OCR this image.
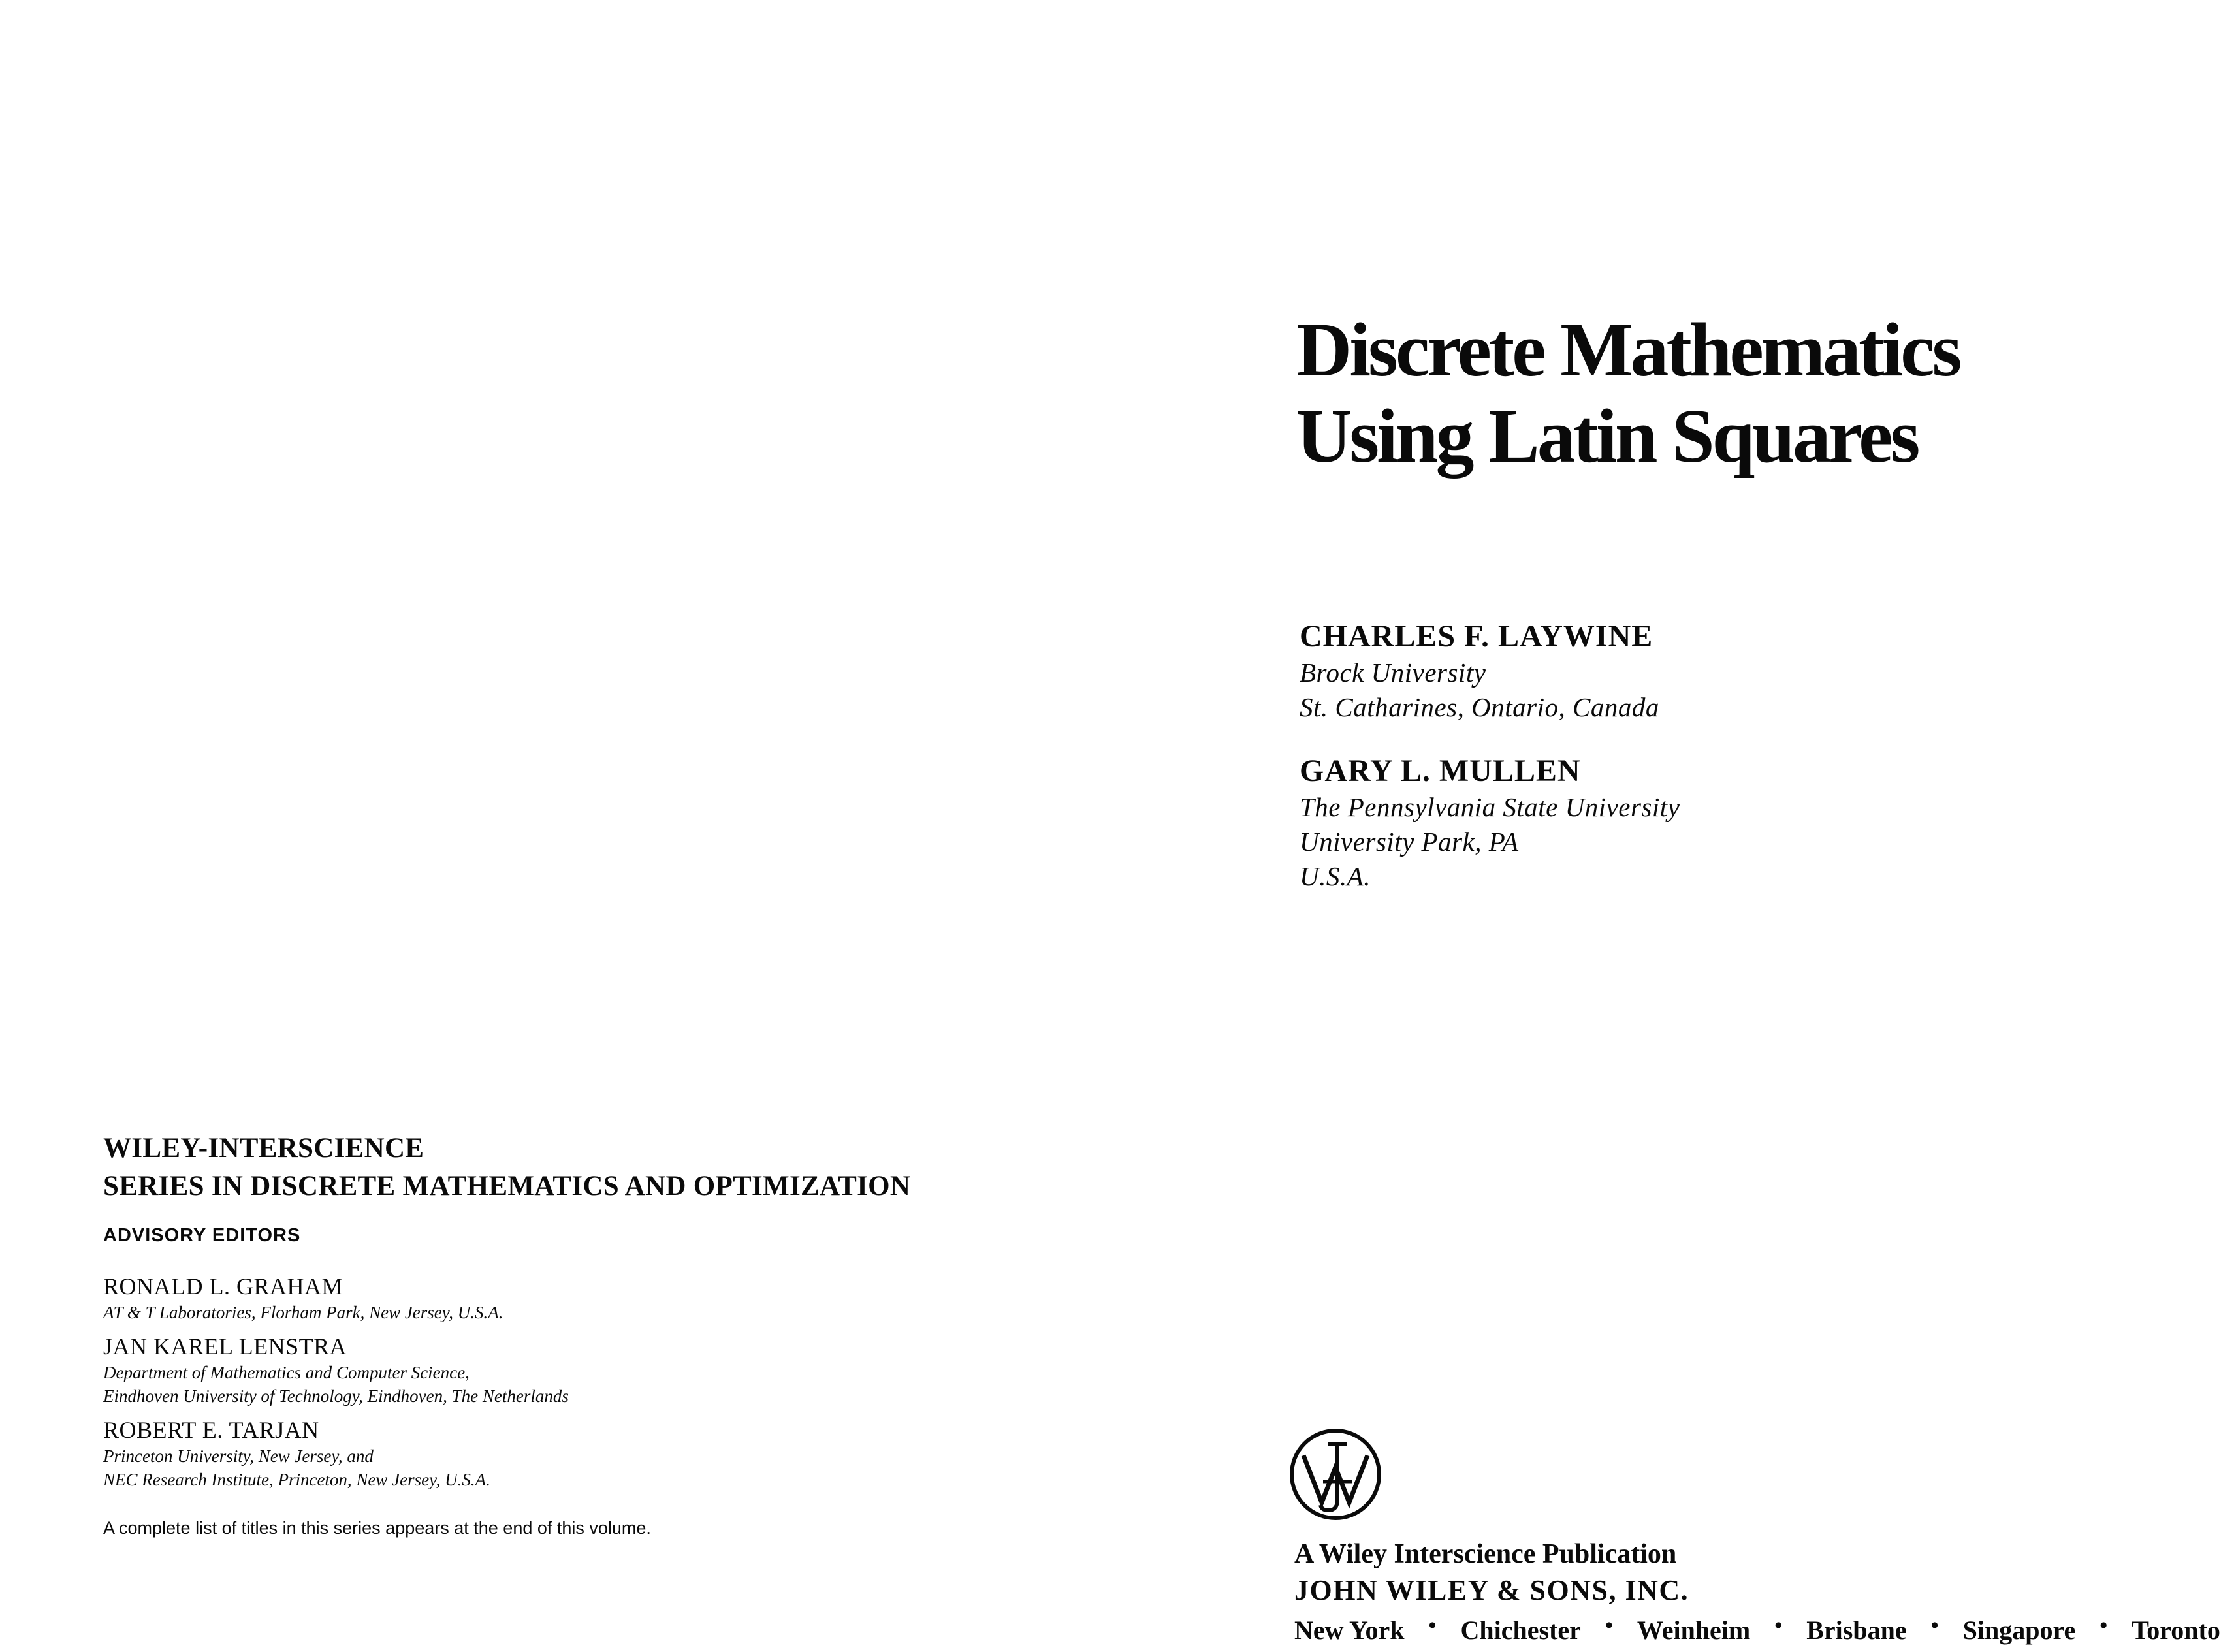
Discrete Mathematics
Using Latin Squares
CHARLES F. LAYWINE
Brock University
St. Catharines, Ontario, Canada
GARY L. MULLEN
The Pennsylvania State University
University Park, PA
U.S.A.
WILEY-INTERSCIENCE
SERIES IN DISCRETE MATHEMATICS AND OPTIMIZATION
ADVISORY EDITORS
RONALD L. GRAHAM
AT & T Laboratories, Florham Park, New Jersey, U.S.A.
JAN KAREL LENSTRA
Department of Mathematics and Computer Science,
Eindhoven University of Technology, Eindhoven, The Netherlands
ROBERT E. TARJAN
Princeton University, New Jersey, and
NEC Research Institute, Princeton, New Jersey, U.S.A.
A complete list of titles in this series appears at the end of this volume.
A Wiley Interscience Publication
JOHN WILEY & SONS, INC.
New York	• Chichester	• Weinheim	• Brisbane	• Singapore	• Toronto
